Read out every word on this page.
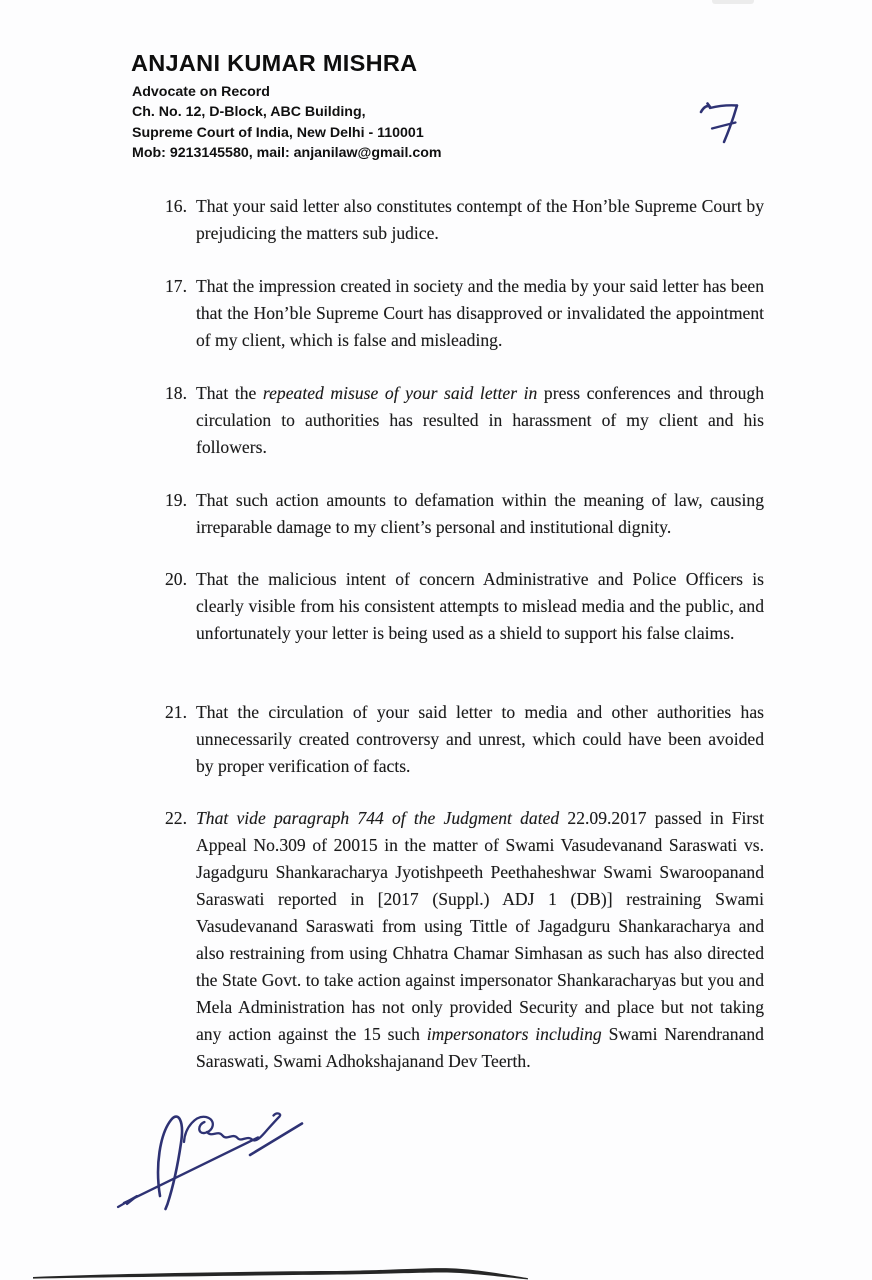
ANJANI KUMAR MISHRA
Advocate on Record
Ch. No. 12, D-Block, ABC Building,
Supreme Court of India, New Delhi - 110001
Mob: 9213145580, mail: anjanilaw@gmail.com
16. That your said letter also constitutes contempt of the Hon’ble Supreme Court by prejudicing the matters sub judice.
17. That the impression created in society and the media by your said letter has been that the Hon’ble Supreme Court has disapproved or invalidated the appointment of my client, which is false and misleading.
18. That the repeated misuse of your said letter in press conferences and through circulation to authorities has resulted in harassment of my client and his followers.
19. That such action amounts to defamation within the meaning of law, causing irreparable damage to my client’s personal and institutional dignity.
20. That the malicious intent of concern Administrative and Police Officers is clearly visible from his consistent attempts to mislead media and the public, and unfortunately your letter is being used as a shield to support his false claims.
21. That the circulation of your said letter to media and other authorities has unnecessarily created controversy and unrest, which could have been avoided by proper verification of facts.
22. That vide paragraph 744 of the Judgment dated 22.09.2017 passed in First Appeal No.309 of 20015 in the matter of Swami Vasudevanand Saraswati vs. Jagadguru Shankaracharya Jyotishpeeth Peethaheshwar Swami Swaroopanand Saraswati reported in [2017 (Suppl.) ADJ 1 (DB)] restraining Swami Vasudevanand Saraswati from using Tittle of Jagadguru Shankaracharya and also restraining from using Chhatra Chamar Simhasan as such has also directed the State Govt. to take action against impersonator Shankaracharyas but you and Mela Administration has not only provided Security and place but not taking any action against the 15 such impersonators including Swami Narendranand Saraswati, Swami Adhokshajanand Dev Teerth.
